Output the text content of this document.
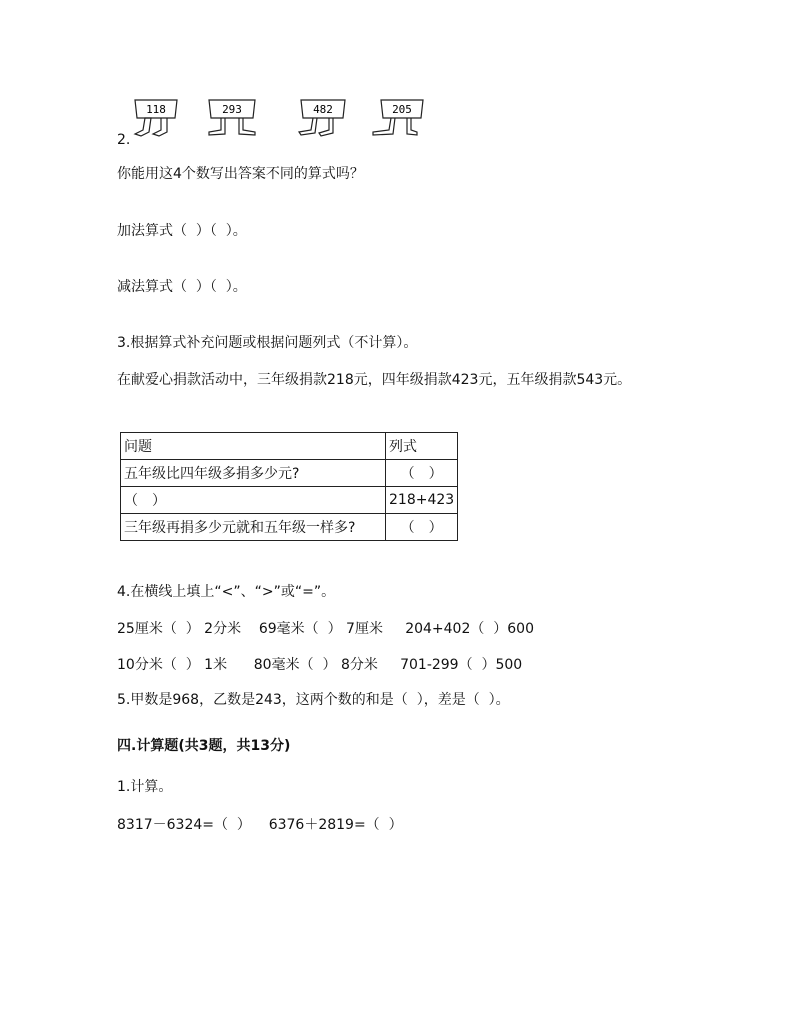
118	293	482	205
2.
你能用这4个数写出答案不同的算式吗？
加法算式（  ）（  ）。
减法算式（  ）（  ）。
3.根据算式补充问题或根据问题列式（不计算）。
在献爱心捐款活动中，三年级捐款218元，四年级捐款423元，五年级捐款543元。
问题	列式
五年级比四年级多捐多少元?	（　）
（　）	218+423
三年级再捐多少元就和五年级一样多?	（　）
4.在横线上填上“<”、“>”或“=”。
25厘米（  ） 2分米    69毫米（  ） 7厘米     204+402（  ）600
10分米（  ） 1米      80毫米（  ） 8分米     701-299（  ）500
5.甲数是968，乙数是243，这两个数的和是（  ），差是（  ）。
四.计算题(共3题，共13分)
1.计算。
8317－6324=（  ）    6376＋2819=（  ）
